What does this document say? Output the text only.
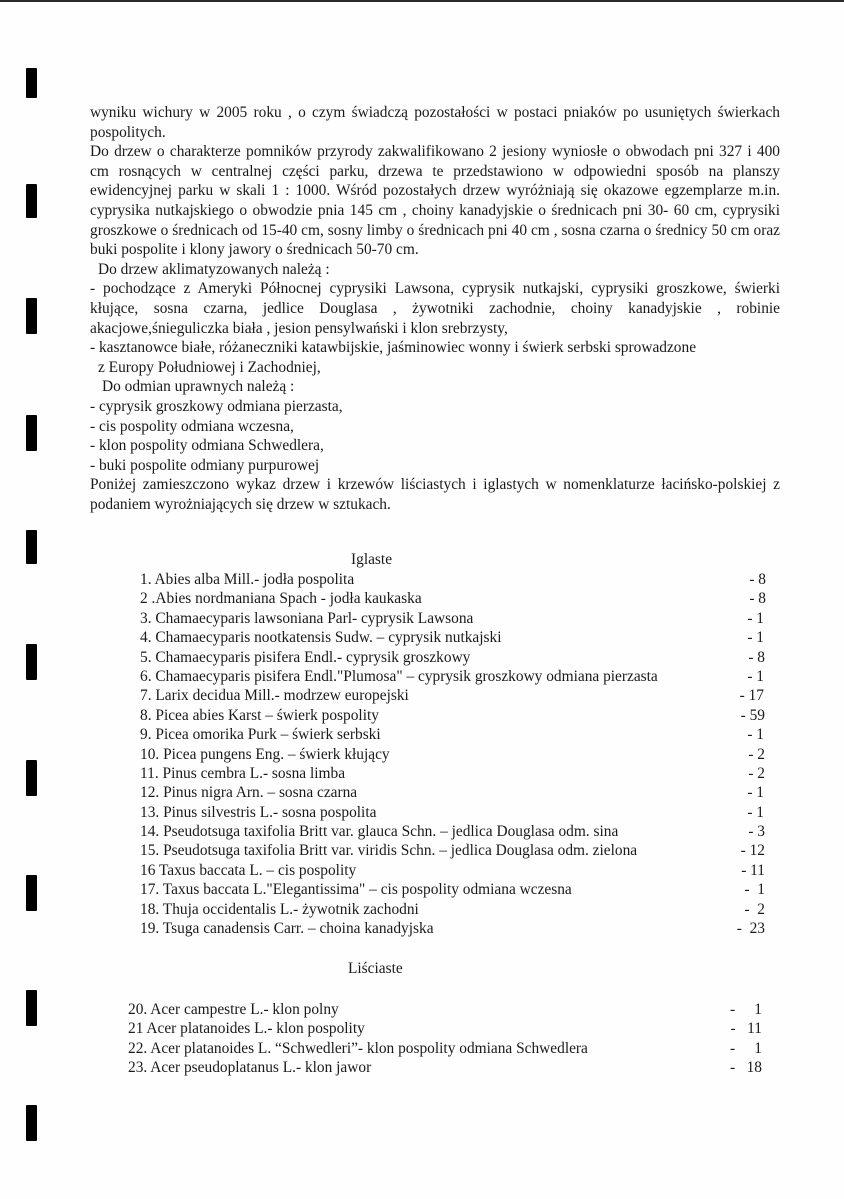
wyniku wichury w 2005 roku , o czym świadczą pozostałości w postaci pniaków po usuniętych świerkach pospolitych.

Do drzew o charakterze pomników przyrody zakwalifikowano 2 jesiony wyniosłe o obwodach pni 327 i 400 cm rosnących w centralnej części parku, drzewa te przedstawiono w odpowiedni sposób na planszy ewidencyjnej parku w skali 1 : 1000. Wśród pozostałych drzew wyróżniają się okazowe egzemplarze m.in. cyprysika nutkajskiego o obwodzie pnia 145 cm , choiny kanadyjskie o średnicach pni 30- 60 cm, cyprysiki groszkowe o średnicach od 15-40 cm, sosny limby o średnicach pni 40 cm , sosna czarna o średnicy 50 cm oraz buki pospolite i klony jawory o średnicach 50-70 cm.

Do drzew aklimatyzowanych należą :

- pochodzące z Ameryki Północnej cyprysiki Lawsona, cyprysik nutkajski, cyprysiki groszkowe, świerki kłujące, sosna czarna, jedlice Douglasa , żywotniki zachodnie, choiny kanadyjskie , robinie akacjowe,śnieguliczka biała , jesion pensylwański i klon srebrzysty,

- kasztanowce białe, różaneczniki katawbijskie, jaśminowiec wonny i świerk serbski sprowadzone

z Europy Południowej i Zachodniej,

Do odmian uprawnych należą :

- cyprysik groszkowy odmiana pierzasta,

- cis pospolity odmiana wczesna,

- klon pospolity odmiana Schwedlera,

- buki pospolite odmiany purpurowej

Poniżej zamieszczono wykaz drzew i krzewów liściastych i iglastych w nomenklaturze łacińsko-polskiej z podaniem wyrożniających się drzew w sztukach.

Iglaste
1. Abies alba Mill.- jodła pospolita	- 8
2 .Abies nordmaniana Spach - jodła kaukaska	- 8
3. Chamaecyparis lawsoniana Parl- cyprysik Lawsona	- 1
4. Chamaecyparis nootkatensis Sudw. – cyprysik nutkajski	- 1
5. Chamaecyparis pisifera Endl.- cyprysik groszkowy	- 8
6. Chamaecyparis pisifera Endl."Plumosa" – cyprysik groszkowy odmiana pierzasta	- 1
7. Larix decidua Mill.- modrzew europejski	- 17
8. Picea abies Karst – świerk pospolity	- 59
9. Picea omorika Purk – świerk serbski	- 1
10. Picea pungens Eng. – świerk kłujący	- 2
11. Pinus cembra L.- sosna limba	- 2
12. Pinus nigra Arn. – sosna czarna	- 1
13. Pinus silvestris L.- sosna pospolita	- 1
14. Pseudotsuga taxifolia Britt var. glauca Schn. – jedlica Douglasa odm. sina	- 3
15. Pseudotsuga taxifolia Britt var. viridis Schn. – jedlica Douglasa odm. zielona	- 12
16 Taxus baccata L. – cis pospolity	- 11
17. Taxus baccata L."Elegantissima" – cis pospolity odmiana wczesna	-  1
18. Thuja occidentalis L.- żywotnik zachodni	-  2
19. Tsuga canadensis Carr. – choina kanadyjska	-  23
Liściaste
20. Acer campestre L.- klon polny	-     1
21 Acer platanoides L.- klon pospolity	-   11
22. Acer platanoides L. “Schwedleri”- klon pospolity odmiana Schwedlera	-     1
23. Acer pseudoplatanus L.- klon jawor	-   18
